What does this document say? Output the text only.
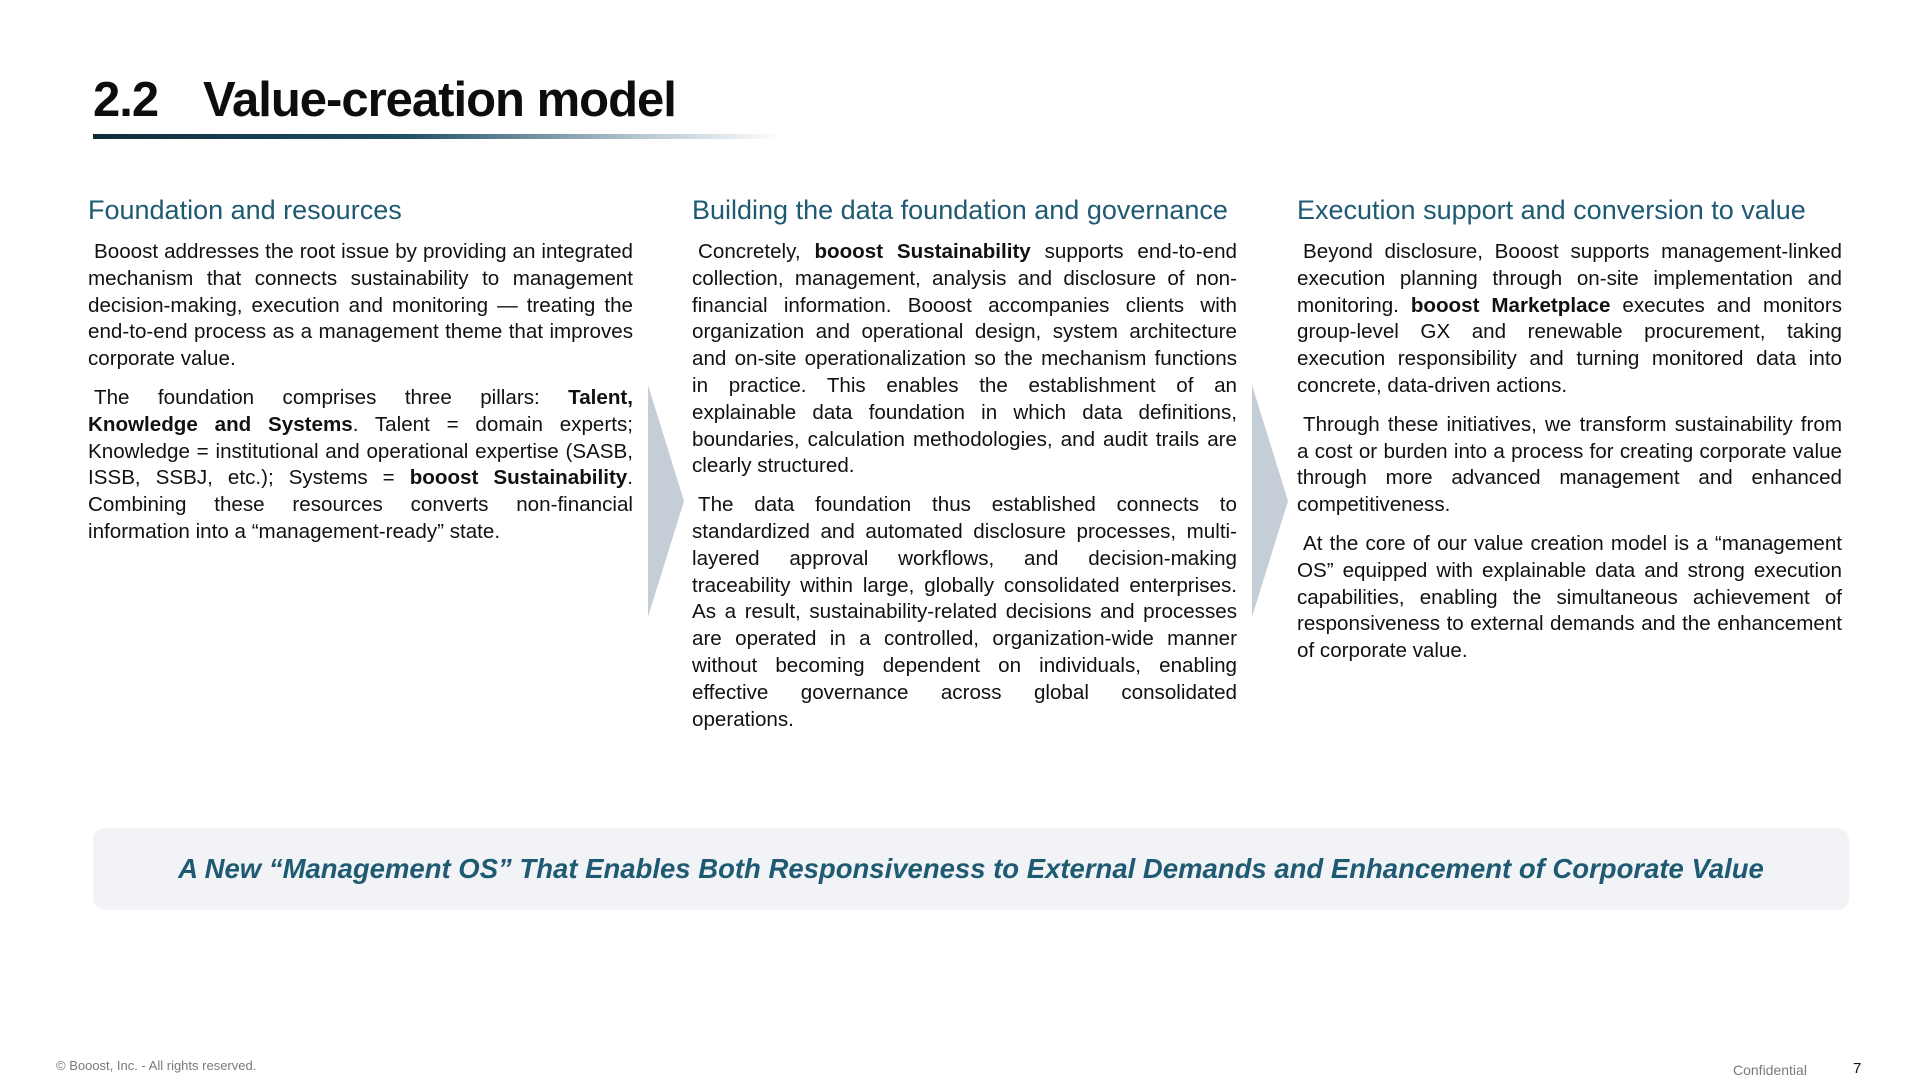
2.2 Value-creation model
Foundation and resources

Booost addresses the root issue by providing an integrated mechanism that connects sustainability to management decision-making, execution and monitoring — treating the end-to-end process as a management theme that improves corporate value.

The foundation comprises three pillars: Talent, Knowledge and Systems. Talent = domain experts; Knowledge = institutional and operational expertise (SASB, ISSB, SSBJ, etc.); Systems = booost Sustainability. Combining these resources converts non-financial information into a “management-ready” state.

Building the data foundation and governance

Concretely, booost Sustainability supports end-to-end collection, management, analysis and disclosure of non-financial information. Booost accompanies clients with organization and operational design, system architecture and on-site operationalization so the mechanism functions in practice. This enables the establishment of an explainable data foundation in which data definitions, boundaries, calculation methodologies, and audit trails are clearly structured.

The data foundation thus established connects to standardized and automated disclosure processes, multi-layered approval workflows, and decision-making traceability within large, globally consolidated enterprises. As a result, sustainability-related decisions and processes are operated in a controlled, organization-wide manner without becoming dependent on individuals, enabling effective governance across global consolidated operations.

Execution support and conversion to value

Beyond disclosure, Booost supports management-linked execution planning through on-site implementation and monitoring. booost Marketplace executes and monitors group-level GX and renewable procurement, taking execution responsibility and turning monitored data into concrete, data-driven actions.

Through these initiatives, we transform sustainability from a cost or burden into a process for creating corporate value through more advanced management and enhanced competitiveness.

At the core of our value creation model is a “management OS” equipped with explainable data and strong execution capabilities, enabling the simultaneous achievement of responsiveness to external demands and the enhancement of corporate value.

A New “Management OS” That Enables Both Responsiveness to External Demands and Enhancement of Corporate Value
© Booost, Inc. - All rights reserved.	Confidential	7
